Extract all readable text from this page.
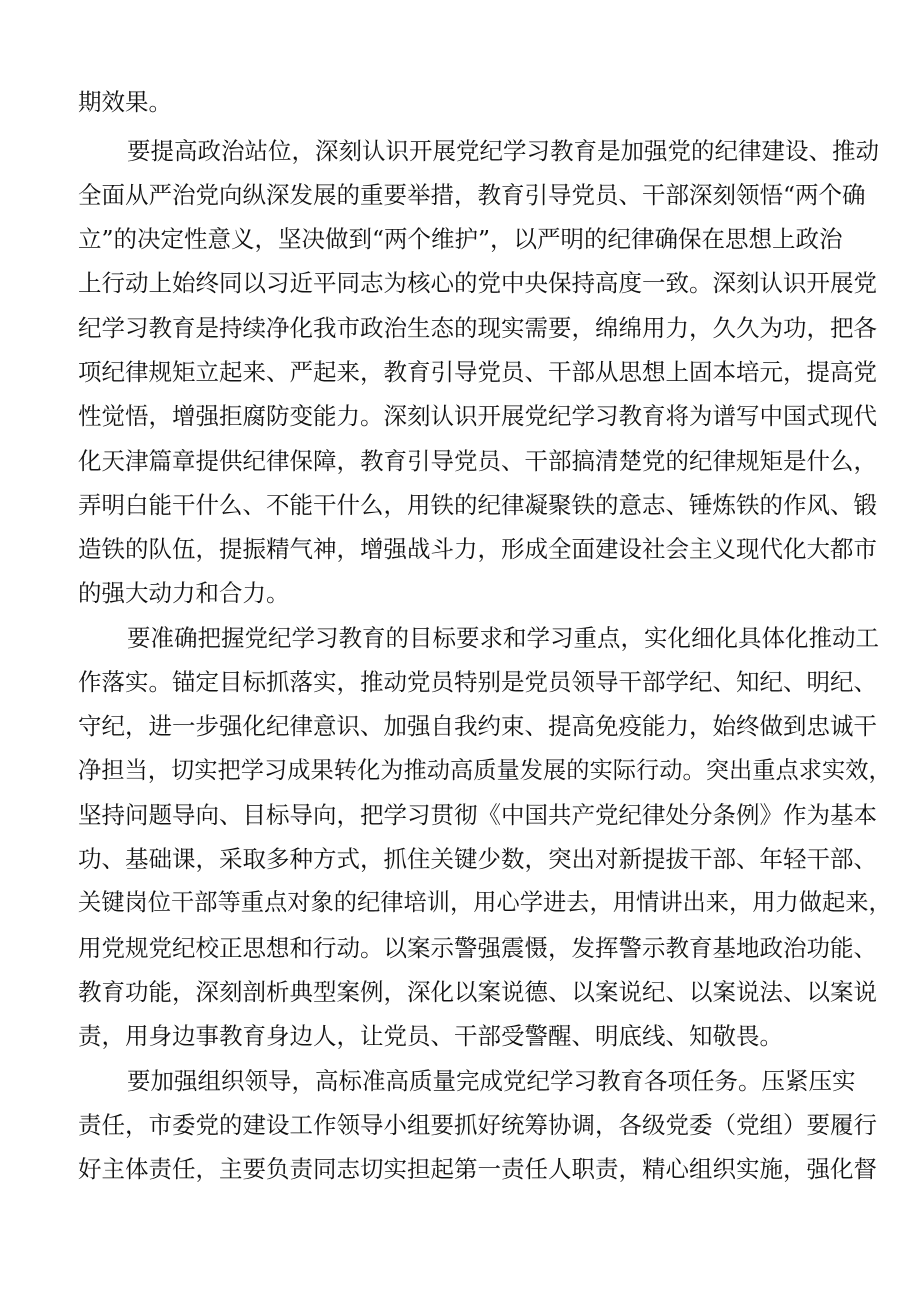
期效果。
要提高政治站位，深刻认识开展党纪学习教育是加强党的纪律建设、推动
全面从严治党向纵深发展的重要举措，教育引导党员、干部深刻领悟“两个确
立”的决定性意义，坚决做到“两个维护”，以严明的纪律确保在思想上政治
上行动上始终同以习近平同志为核心的党中央保持高度一致。深刻认识开展党
纪学习教育是持续净化我市政治生态的现实需要，绵绵用力，久久为功，把各
项纪律规矩立起来、严起来，教育引导党员、干部从思想上固本培元，提高党
性觉悟，增强拒腐防变能力。深刻认识开展党纪学习教育将为谱写中国式现代
化天津篇章提供纪律保障，教育引导党员、干部搞清楚党的纪律规矩是什么，
弄明白能干什么、不能干什么，用铁的纪律凝聚铁的意志、锤炼铁的作风、锻
造铁的队伍，提振精气神，增强战斗力，形成全面建设社会主义现代化大都市
的强大动力和合力。
要准确把握党纪学习教育的目标要求和学习重点，实化细化具体化推动工
作落实。锚定目标抓落实，推动党员特别是党员领导干部学纪、知纪、明纪、
守纪，进一步强化纪律意识、加强自我约束、提高免疫能力，始终做到忠诚干
净担当，切实把学习成果转化为推动高质量发展的实际行动。突出重点求实效，
坚持问题导向、目标导向，把学习贯彻《中国共产党纪律处分条例》作为基本
功、基础课，采取多种方式，抓住关键少数，突出对新提拔干部、年轻干部、
关键岗位干部等重点对象的纪律培训，用心学进去，用情讲出来，用力做起来，
用党规党纪校正思想和行动。以案示警强震慑，发挥警示教育基地政治功能、
教育功能，深刻剖析典型案例，深化以案说德、以案说纪、以案说法、以案说
责，用身边事教育身边人，让党员、干部受警醒、明底线、知敬畏。
要加强组织领导，高标准高质量完成党纪学习教育各项任务。压紧压实
责任，市委党的建设工作领导小组要抓好统筹协调，各级党委（党组）要履行
好主体责任，主要负责同志切实担起第一责任人职责，精心组织实施，强化督
